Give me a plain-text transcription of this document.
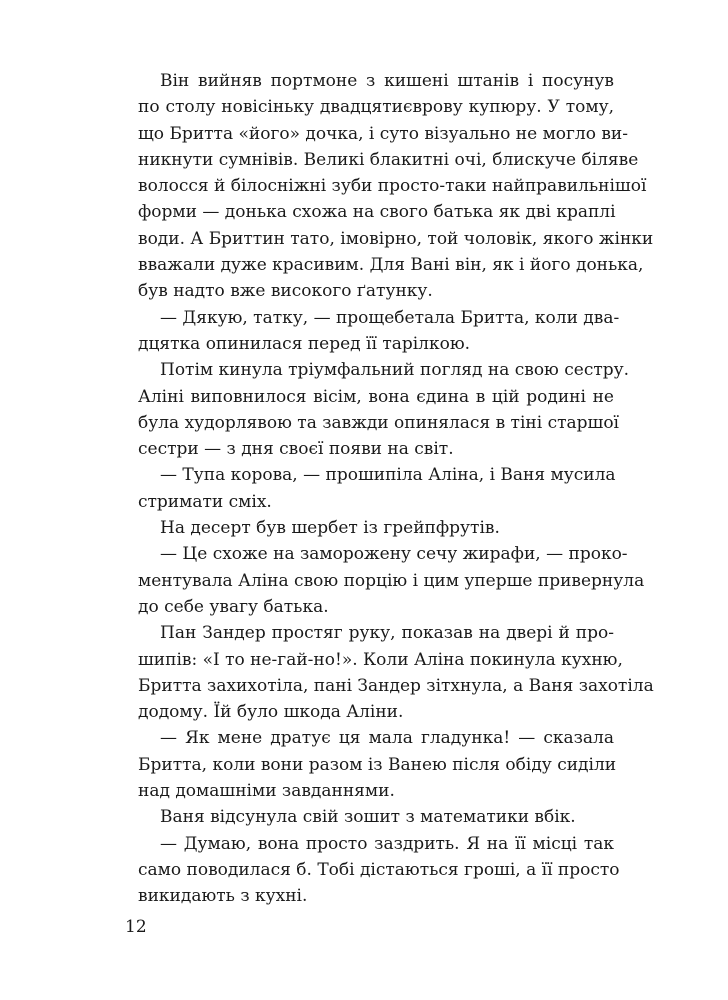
Він вийняв портмоне з кишені штанів і посунув
по столу новісіньку двадцятиєврову купюру. У тому,
що Бритта «його» дочка, і суто візуально не могло ви-
никнути сумнівів. Великі блакитні очі, блискуче біляве
волосся й білосніжні зуби просто-таки найправильнішої
форми — донька схожа на свого батька як дві краплі
води. А Бриттин тато, імовірно, той чоловік, якого жінки
вважали дуже красивим. Для Вані він, як і його донька,
був надто вже високого ґатунку.
— Дякую, татку, — прощебетала Бритта, коли два-
дцятка опинилася перед її тарілкою.
Потім кинула тріумфальний погляд на свою сестру.
Аліні виповнилося вісім, вона єдина в цій родині не
була худорлявою та завжди опинялася в тіні старшої
сестри — з дня своєї появи на світ.
— Тупа корова, — прошипіла Аліна, і Ваня мусила
стримати сміх.
На десерт був шербет із грейпфрутів.
— Це схоже на заморожену сечу жирафи, — проко-
ментувала Аліна свою порцію і цим уперше привернула
до себе увагу батька.
Пан Зандер простяг руку, показав на двері й про-
шипів: «І то не-гай-но!». Коли Аліна покинула кухню,
Бритта захихотіла, пані Зандер зітхнула, а Ваня захотіла
додому. Їй було шкода Аліни.
— Як мене дратує ця мала гладунка! — сказала
Бритта, коли вони разом із Ванею після обіду сиділи
над домашніми завданнями.
Ваня відсунула свій зошит з математики вбік.
— Думаю, вона просто заздрить. Я на її місці так
само поводилася б. Тобі дістаються гроші, а її просто
викидають з кухні.
12
